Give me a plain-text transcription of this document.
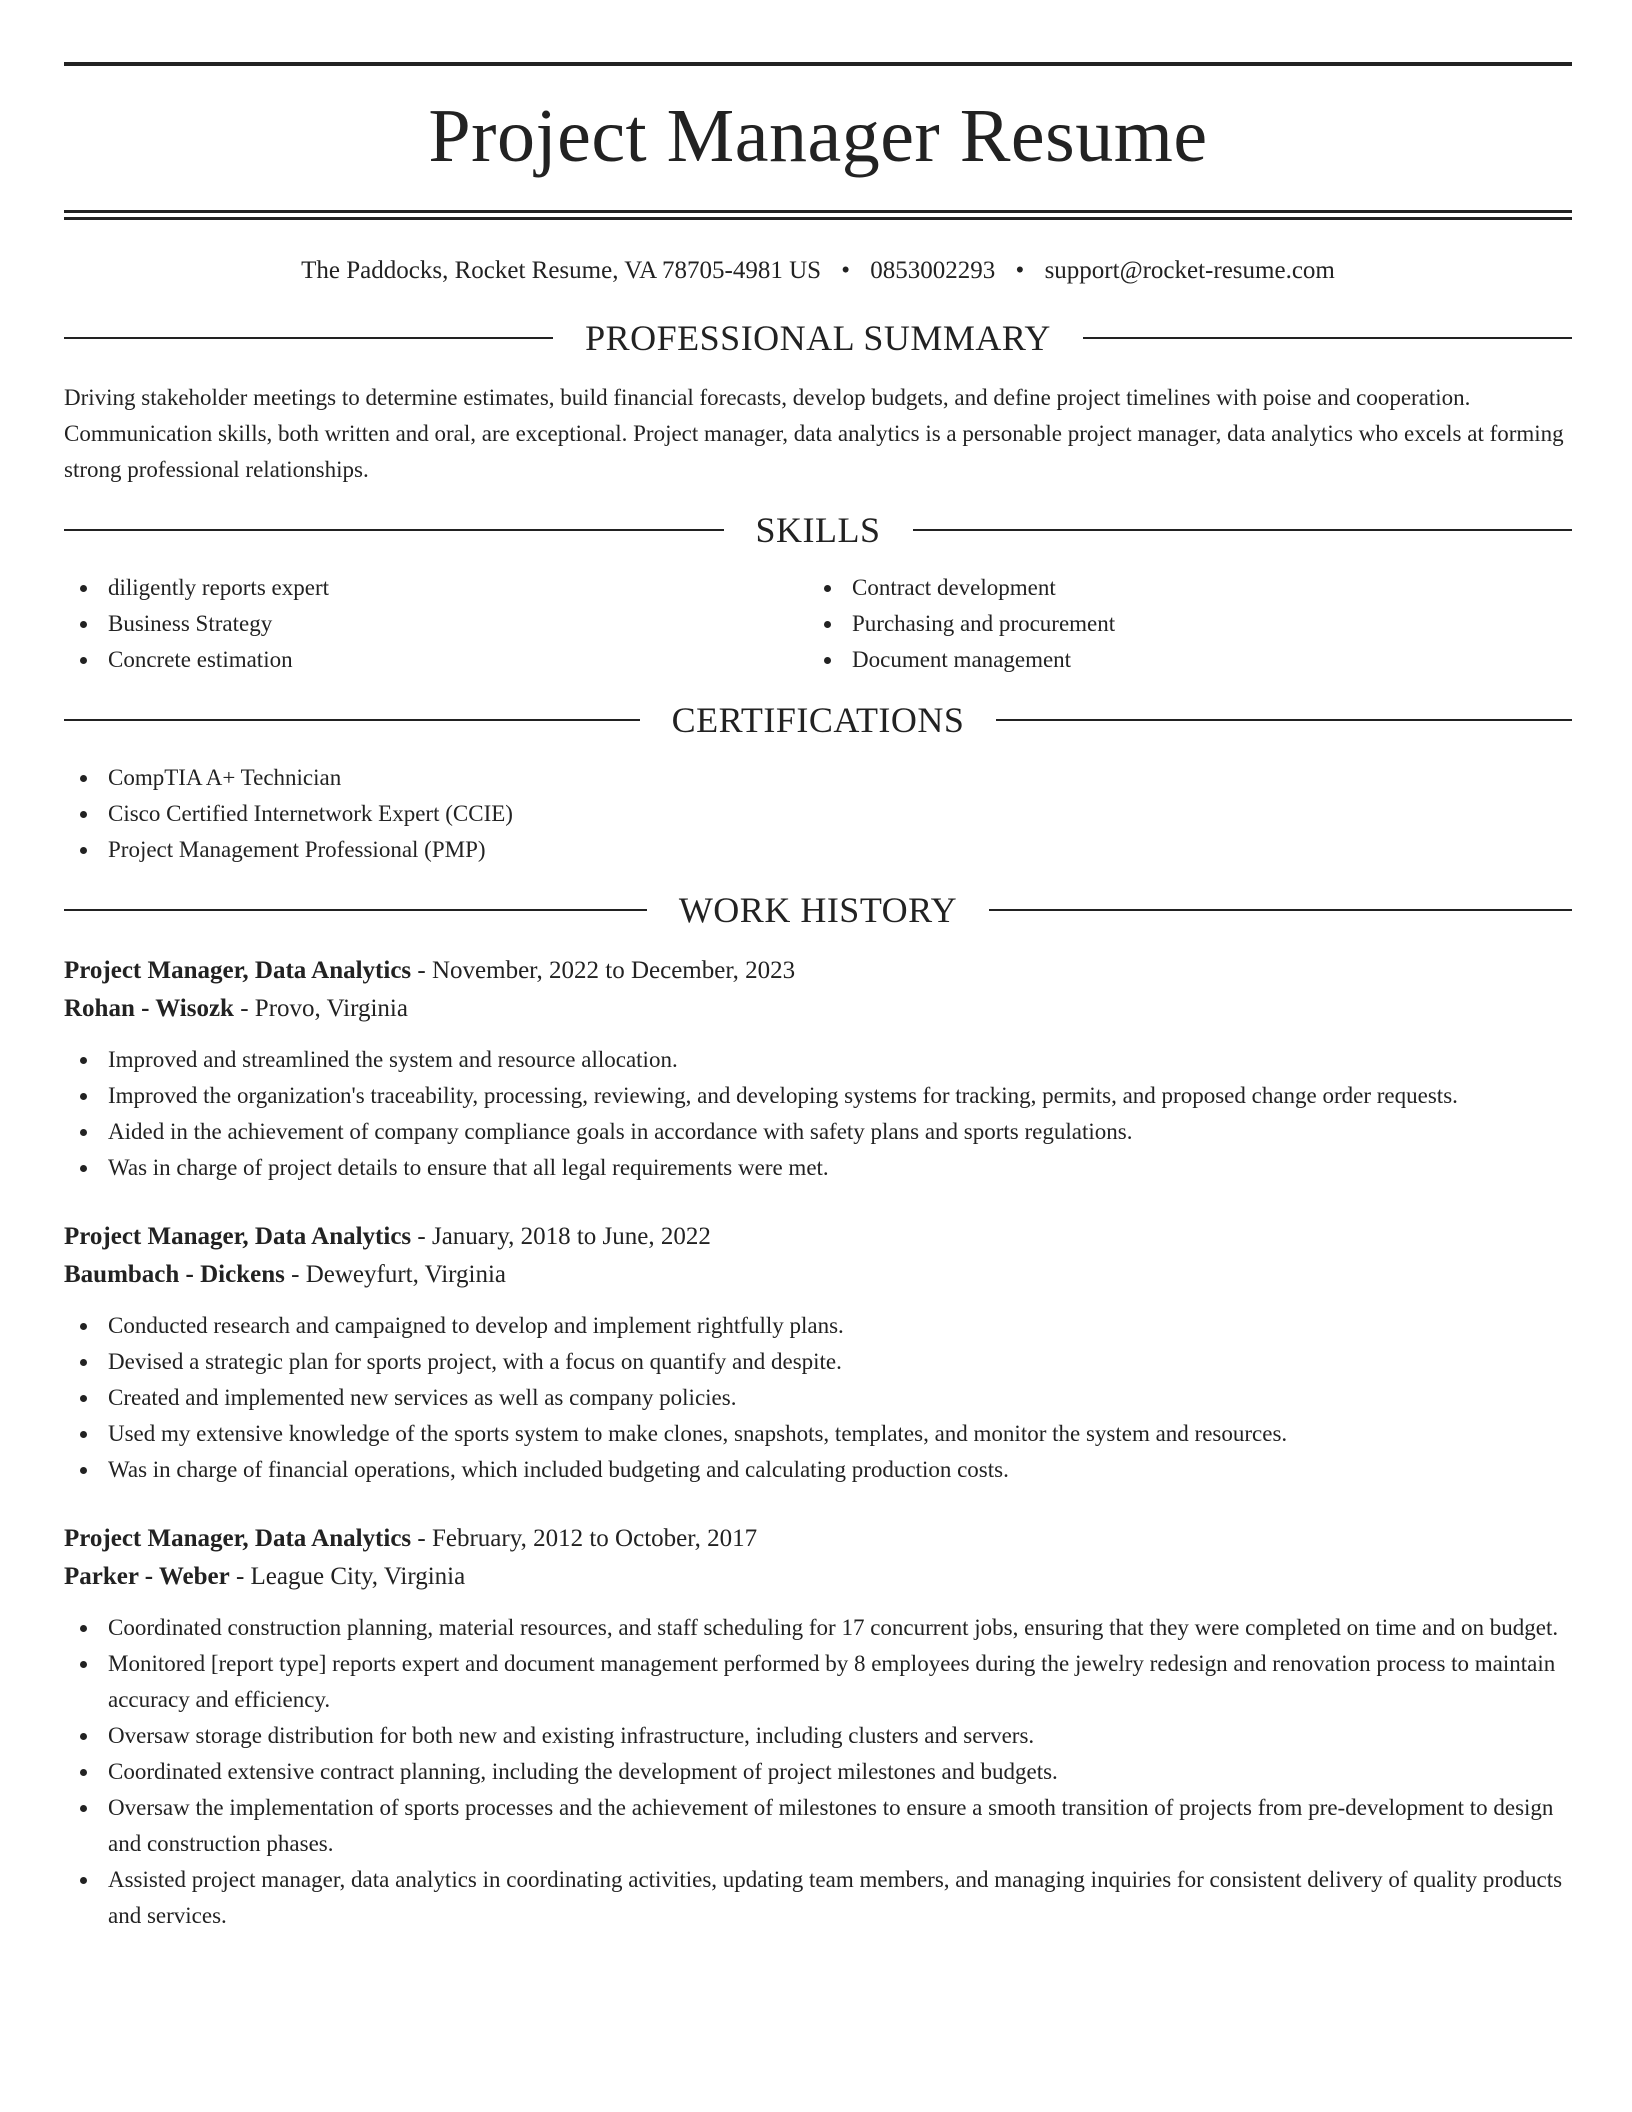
Project Manager Resume
The Paddocks, Rocket Resume, VA 78705-4981 US • 0853002293 • support@rocket-resume.com
PROFESSIONAL SUMMARY
Driving stakeholder meetings to determine estimates, build financial forecasts, develop budgets, and define project timelines with poise and cooperation. Communication skills, both written and oral, are exceptional. Project manager, data analytics is a personable project manager, data analytics who excels at forming strong professional relationships.
SKILLS
diligently reports expert
Business Strategy
Concrete estimation
Contract development
Purchasing and procurement
Document management
CERTIFICATIONS
CompTIA A+ Technician
Cisco Certified Internetwork Expert (CCIE)
Project Management Professional (PMP)
WORK HISTORY
Project Manager, Data Analytics - November, 2022 to December, 2023
Rohan - Wisozk - Provo, Virginia
Improved and streamlined the system and resource allocation.
Improved the organization's traceability, processing, reviewing, and developing systems for tracking, permits, and proposed change order requests.
Aided in the achievement of company compliance goals in accordance with safety plans and sports regulations.
Was in charge of project details to ensure that all legal requirements were met.
Project Manager, Data Analytics - January, 2018 to June, 2022
Baumbach - Dickens - Deweyfurt, Virginia
Conducted research and campaigned to develop and implement rightfully plans.
Devised a strategic plan for sports project, with a focus on quantify and despite.
Created and implemented new services as well as company policies.
Used my extensive knowledge of the sports system to make clones, snapshots, templates, and monitor the system and resources.
Was in charge of financial operations, which included budgeting and calculating production costs.
Project Manager, Data Analytics - February, 2012 to October, 2017
Parker - Weber - League City, Virginia
Coordinated construction planning, material resources, and staff scheduling for 17 concurrent jobs, ensuring that they were completed on time and on budget.
Monitored [report type] reports expert and document management performed by 8 employees during the jewelry redesign and renovation process to maintain accuracy and efficiency.
Oversaw storage distribution for both new and existing infrastructure, including clusters and servers.
Coordinated extensive contract planning, including the development of project milestones and budgets.
Oversaw the implementation of sports processes and the achievement of milestones to ensure a smooth transition of projects from pre-development to design and construction phases.
Assisted project manager, data analytics in coordinating activities, updating team members, and managing inquiries for consistent delivery of quality products and services.
